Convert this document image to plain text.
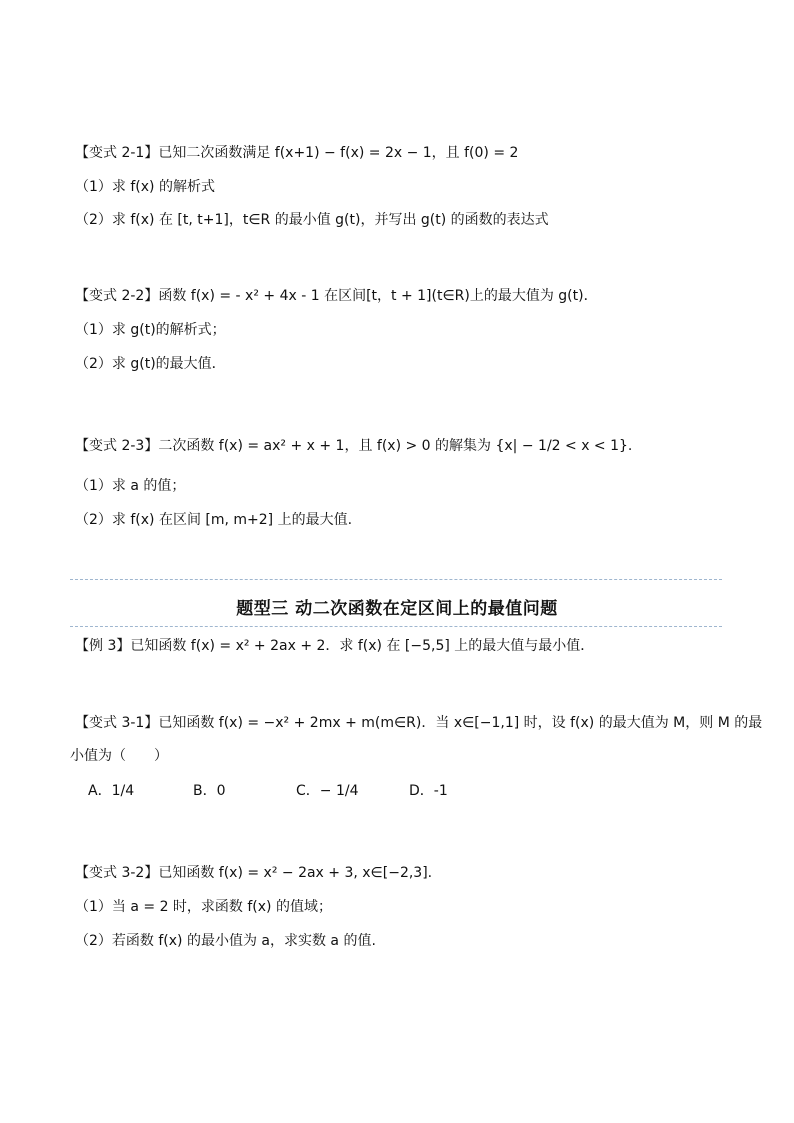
【变式 2-1】已知二次函数满足 f(x+1) − f(x) = 2x − 1，且 f(0) = 2
（1）求 f(x) 的解析式
（2）求 f(x) 在 [t, t+1]，t∈R 的最小值 g(t)，并写出 g(t) 的函数的表达式
【变式 2-2】函数 f(x) = - x² + 4x - 1 在区间[t，t + 1](t∈R)上的最大值为 g(t)．
（1）求 g(t)的解析式；
（2）求 g(t)的最大值．
【变式 2-3】二次函数 f(x) = ax² + x + 1，且 f(x) > 0 的解集为 {x| − 1/2 < x < 1}.
（1）求 a 的值；
（2）求 f(x) 在区间 [m, m+2] 上的最大值.
题型三 动二次函数在定区间上的最值问题
【例 3】已知函数 f(x) = x² + 2ax + 2．求 f(x) 在 [−5,5] 上的最大值与最小值．
【变式 3-1】已知函数 f(x) = −x² + 2mx + m(m∈R)．当 x∈[−1,1] 时，设 f(x) 的最大值为 M，则 M 的最
小值为（　　）
A．1/4	B．0	C．− 1/4	D．-1
【变式 3-2】已知函数 f(x) = x² − 2ax + 3, x∈[−2,3].
（1）当 a = 2 时，求函数 f(x) 的值域；
（2）若函数 f(x) 的最小值为 a，求实数 a 的值.
